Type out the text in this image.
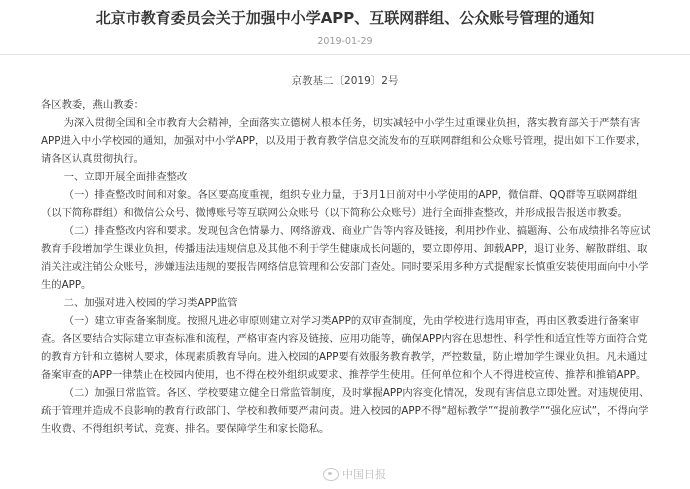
北京市教育委员会关于加强中小学APP、互联网群组、公众账号管理的通知
2019-01-29
京教基二〔2019〕2号

各区教委，燕山教委：

为深入贯彻全国和全市教育大会精神，全面落实立德树人根本任务，切实减轻中小学生过重课业负担，落实教育部关于严禁有害APP进入中小学校园的通知，加强对中小学APP，以及用于教育教学信息交流发布的互联网群组和公众账号管理，提出如下工作要求，请各区认真贯彻执行。

一、立即开展全面排查整改

（一）排查整改时间和对象。各区要高度重视，组织专业力量，于3月1日前对中小学使用的APP，微信群、QQ群等互联网群组（以下简称群组）和微信公众号、微博账号等互联网公众账号（以下简称公众账号）进行全面排查整改，并形成报告报送市教委。

（二）排查整改内容和要求。发现包含色情暴力、网络游戏、商业广告等内容及链接，利用抄作业、搞题海、公布成绩排名等应试教育手段增加学生课业负担，传播违法违规信息及其他不利于学生健康成长问题的，要立即停用、卸载APP，退订业务、解散群组、取消关注或注销公众账号，涉嫌违法违规的要报告网络信息管理和公安部门查处。同时要采用多种方式提醒家长慎重安装使用面向中小学生的APP。

二、加强对进入校园的学习类APP监管

（一）建立审查备案制度。按照凡进必审原则建立对学习类APP的双审查制度，先由学校进行选用审查，再由区教委进行备案审查。各区要结合实际建立审查标准和流程，严格审查内容及链接、应用功能等，确保APP内容在思想性、科学性和适宜性等方面符合党的教育方针和立德树人要求，体现素质教育导向。进入校园的APP要有效服务教育教学，严控数量，防止增加学生课业负担。凡未通过备案审查的APP一律禁止在校园内使用，也不得在校外组织或要求、推荐学生使用。任何单位和个人不得进校宣传、推荐和推销APP。

（二）加强日常监管。各区、学校要建立健全日常监管制度，及时掌握APP内容变化情况，发现有害信息立即处置。对违规使用、疏于管理并造成不良影响的教育行政部门、学校和教师要严肃问责。进入校园的APP不得“超标教学”“提前教学”“强化应试”，不得向学生收费、不得组织考试、竞赛、排名。要保障学生和家长隐私。

中国日报
